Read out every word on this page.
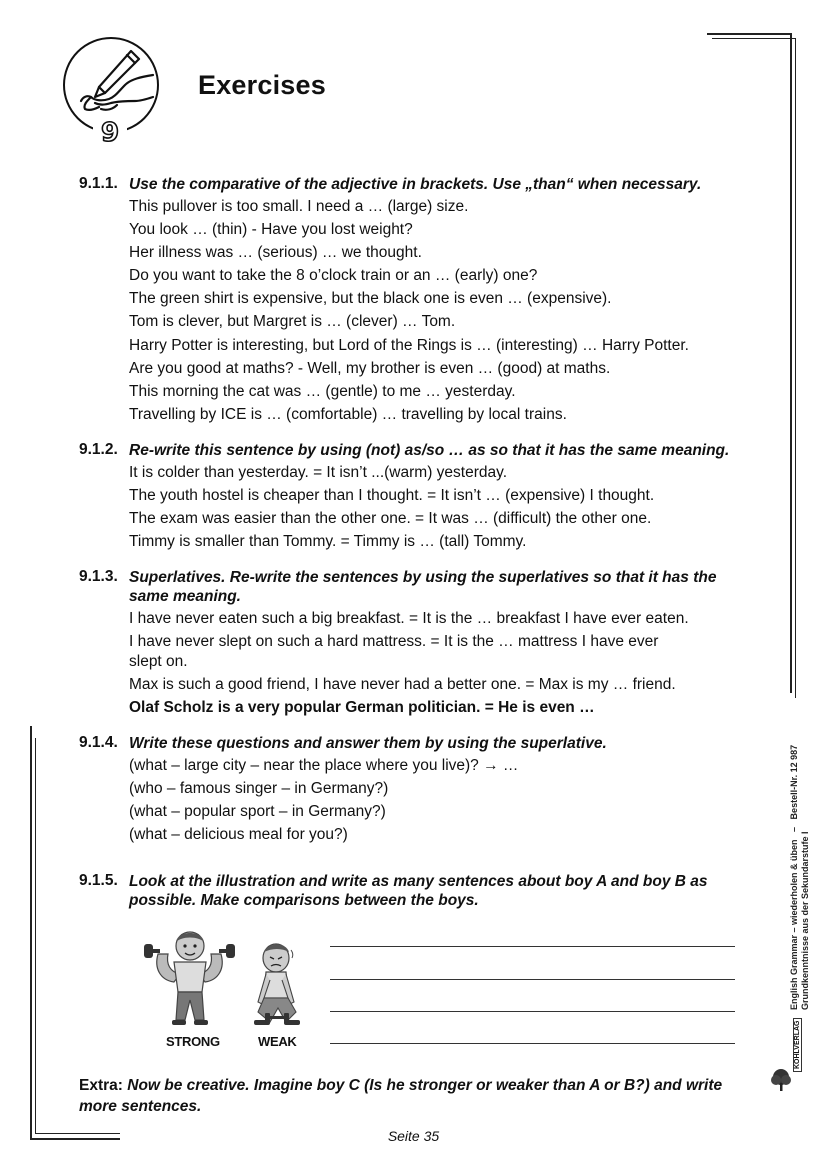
9
Exercises
9.1.1. Use the comparative of the adjective in brackets. Use „than“ when necessary.
This pullover is too small. I need a … (large) size.
You look … (thin) - Have you lost weight?
Her illness was … (serious) … we thought.
Do you want to take the 8 o’clock train or an … (early) one?
The green shirt is expensive, but the black one is even … (expensive).
Tom is clever, but Margret is … (clever) … Tom.
Harry Potter is interesting, but Lord of the Rings is … (interesting) … Harry Potter.
Are you good at maths? - Well, my brother is even … (good) at maths.
This morning the cat was … (gentle) to me … yesterday.
Travelling by ICE is … (comfortable) … travelling by local trains.
9.1.2. Re-write this sentence by using (not) as/so … as so that it has the same meaning.
It is colder than yesterday. = It isn’t ...(warm) yesterday.
The youth hostel is cheaper than I thought. = It isn’t … (expensive) I thought.
The exam was easier than the other one. = It was … (difficult) the other one.
Timmy is smaller than Tommy. = Timmy is … (tall) Tommy.
9.1.3. Superlatives. Re-write the sentences by using the superlatives so that it has the same meaning.
I have never eaten such a big breakfast. = It is the … breakfast I have ever eaten.
I have never slept on such a hard mattress. = It is the … mattress I have ever
slept on.
Max is such a good friend, I have never had a better one. = Max is my … friend.
Olaf Scholz is a very popular German politician. = He is even …
9.1.4. Write these questions and answer them by using the superlative.
(what – large city – near the place where you live)? → …
(who – famous singer – in Germany?)
(what – popular sport – in Germany?)
(what – delicious meal for you?)
9.1.5. Look at the illustration and write as many sentences about boy A and boy B as possible. Make comparisons between the boys.
STRONG	WEAK
Extra: Now be creative. Imagine boy C (Is he stronger or weaker than A or B?) and write more sentences.
English Grammar – wiederholen & üben   –   Bestell-Nr. 12 987
Grundkenntnisse aus der Sekundarstufe I
KOHLVERLAG
Seite 35
